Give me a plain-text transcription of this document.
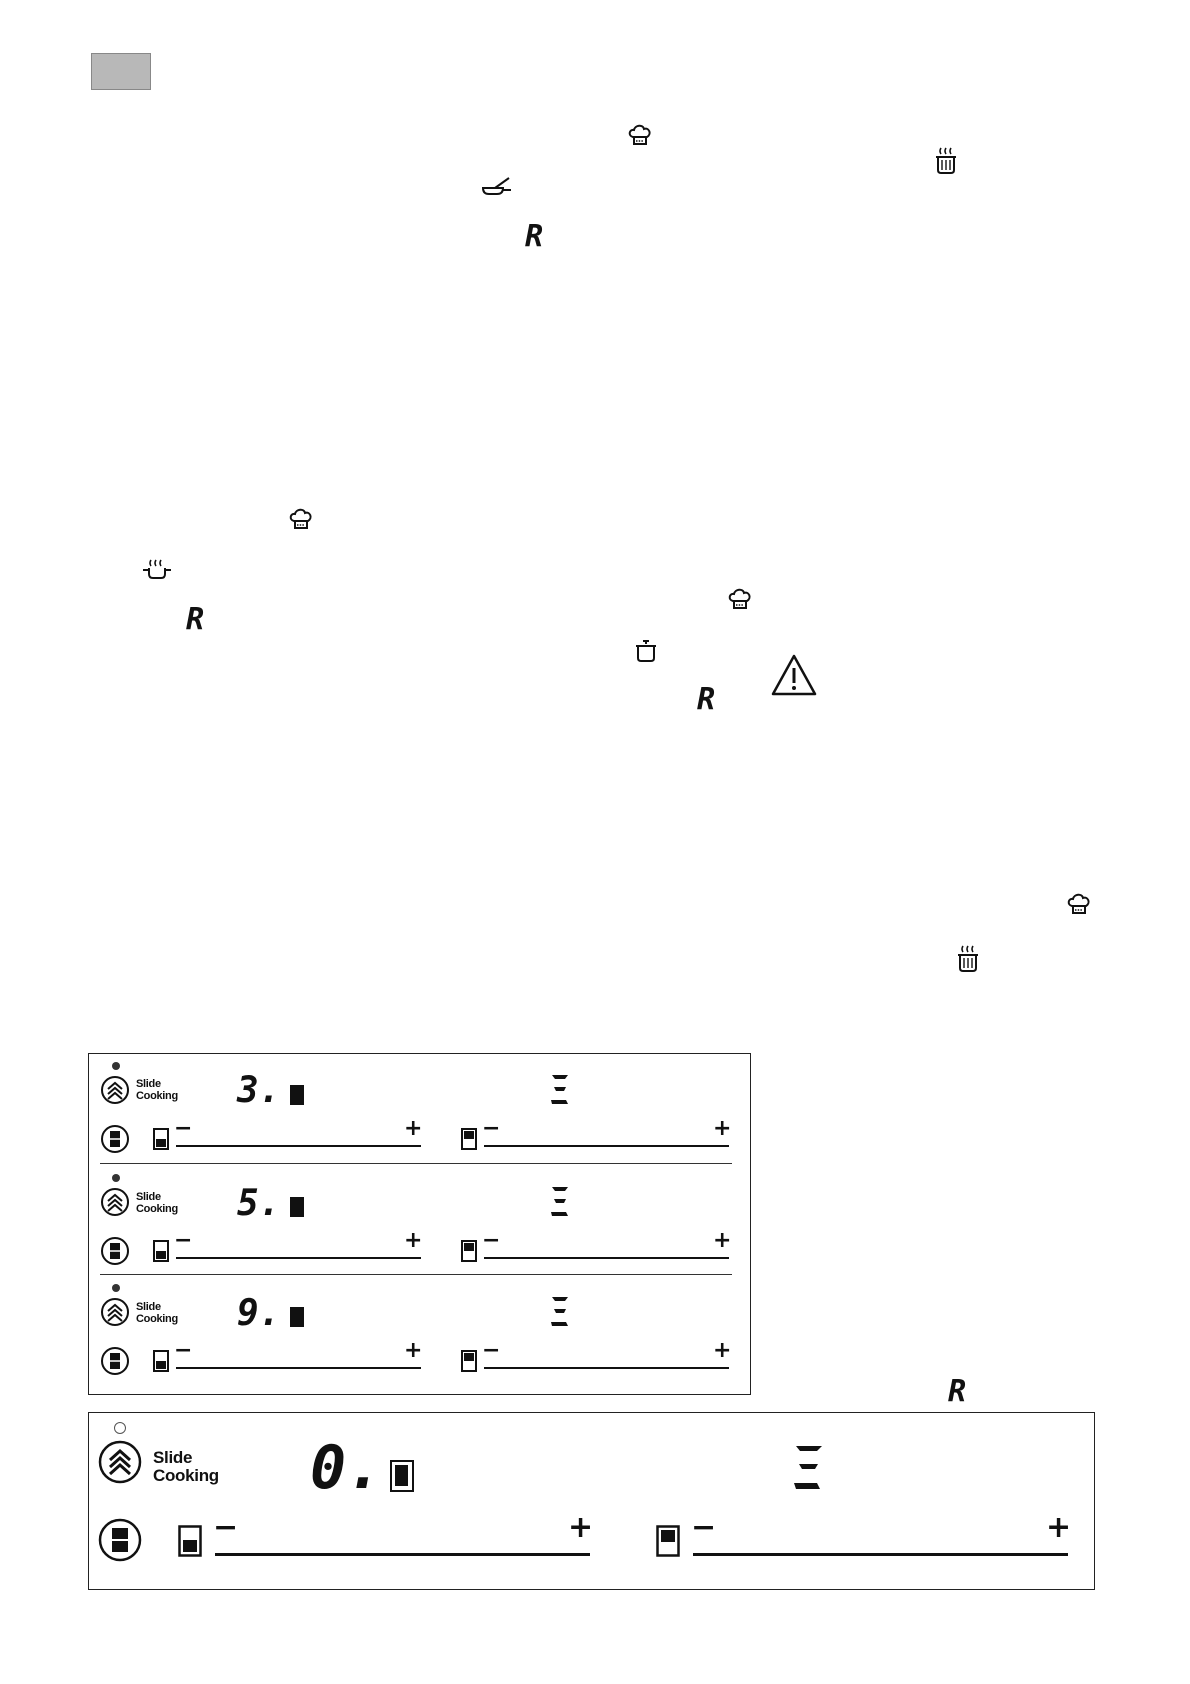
R
R
R
R
Slide
Cooking 3.
−	+	−	+
Slide
Cooking 5.
−	+	−	+
Slide
Cooking 9.
−	+	−	+
Slide
Cooking 0.
−	+	−	+
